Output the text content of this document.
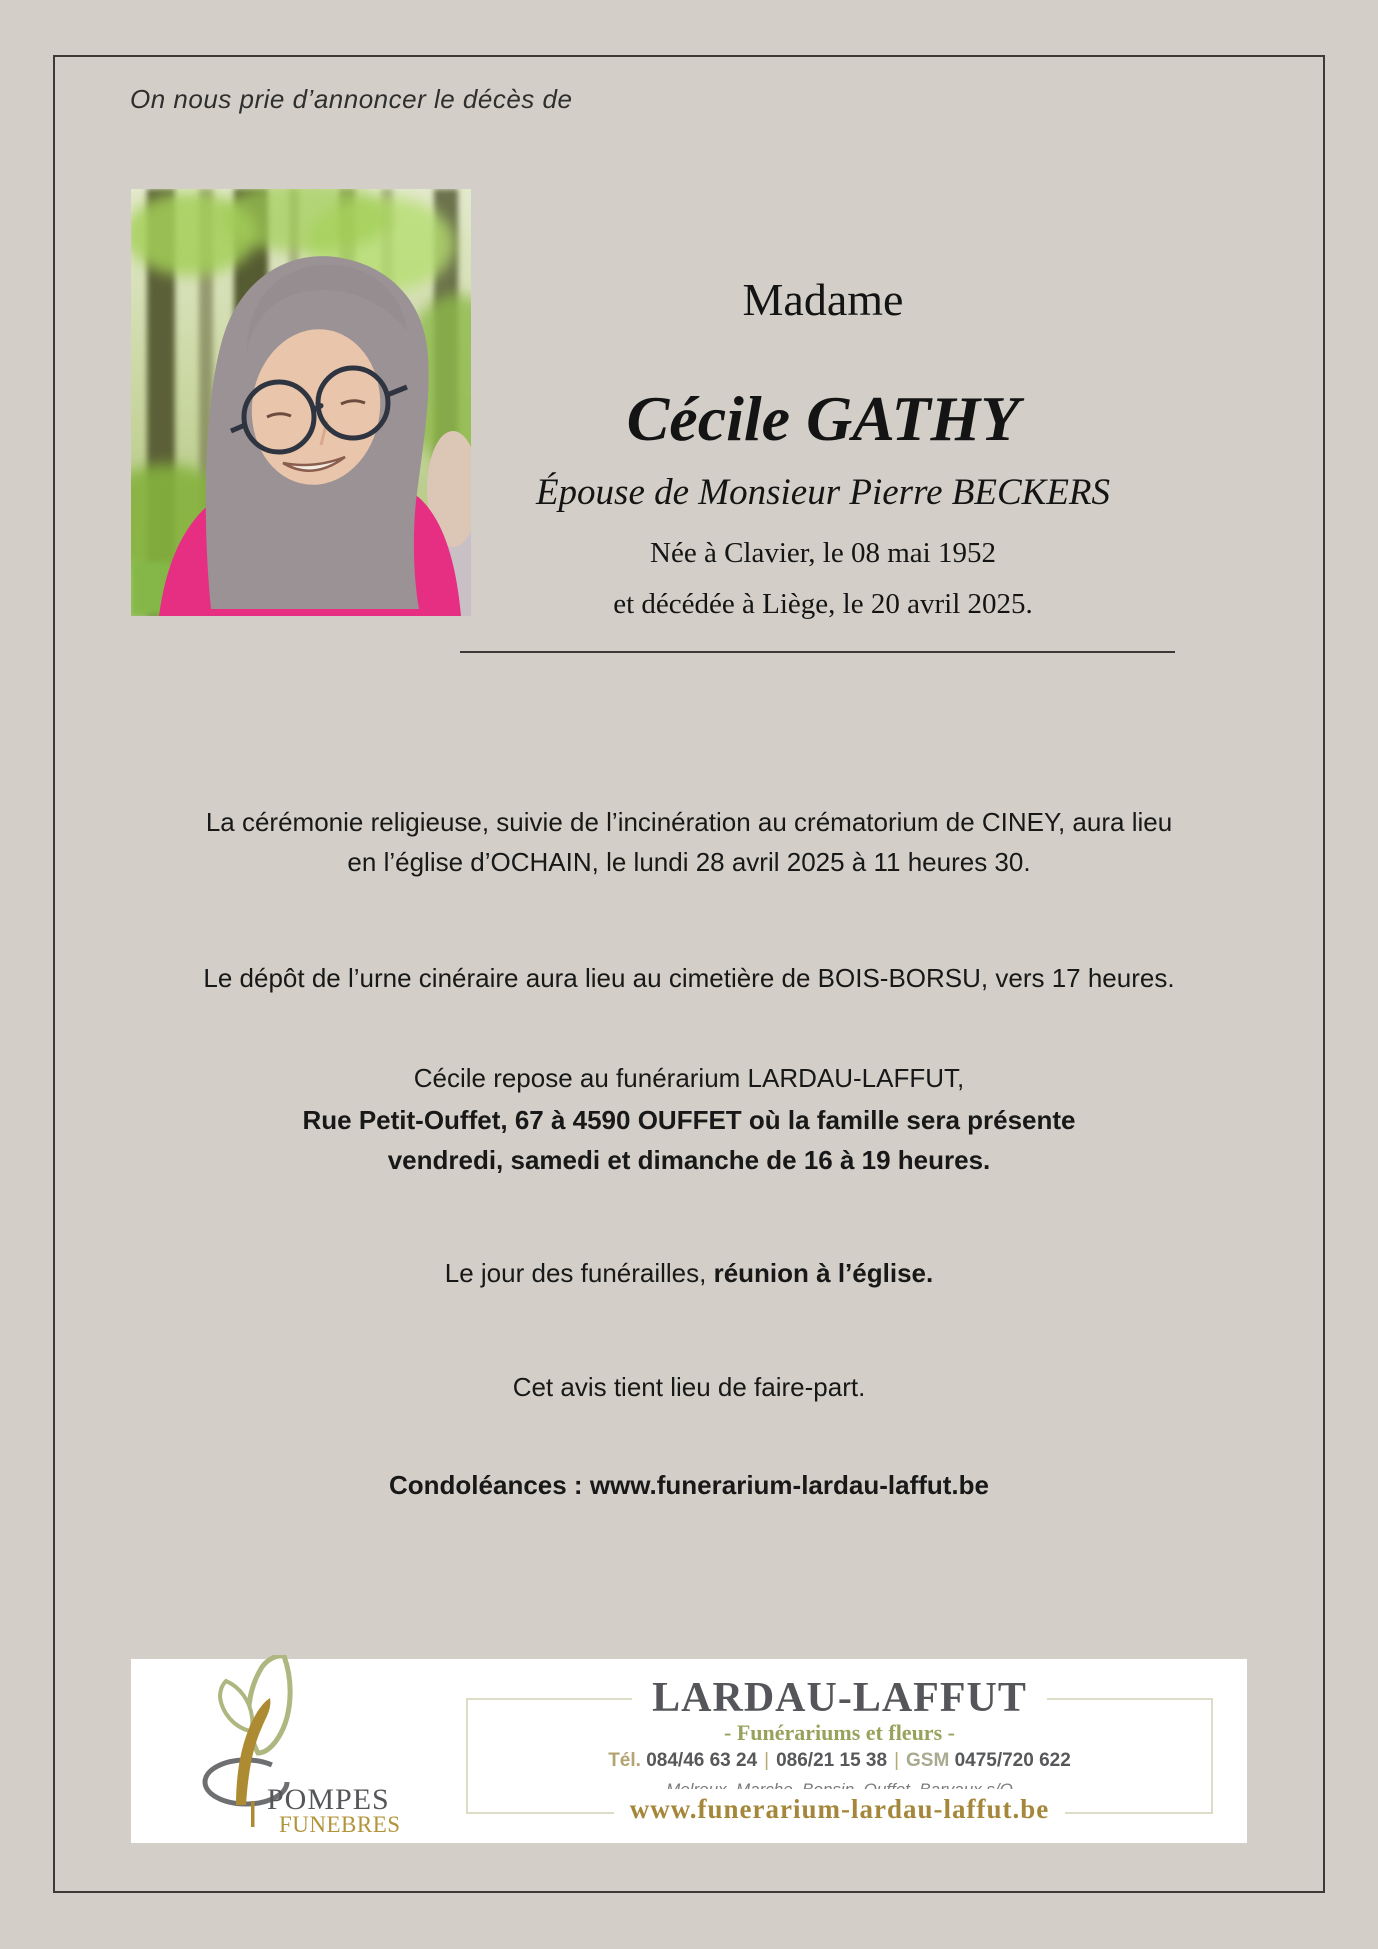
On nous prie d’annoncer le décès de
Madame
Cécile GATHY
Épouse de Monsieur Pierre BECKERS
Née à Clavier, le 08 mai 1952
et décédée à Liège, le 20 avril 2025.
La cérémonie religieuse, suivie de l’incinération au crématorium de CINEY, aura lieu
en l’église d’OCHAIN, le lundi 28 avril 2025 à 11 heures 30.
Le dépôt de l’urne cinéraire aura lieu au cimetière de BOIS-BORSU, vers 17 heures.
Cécile repose au funérarium LARDAU-LAFFUT,
Rue Petit-Ouffet, 67 à 4590 OUFFET où la famille sera présente
vendredi, samedi et dimanche de 16 à 19 heures.
Le jour des funérailles, réunion à l’église.
Cet avis tient lieu de faire-part.
Condoléances : www.funerarium-lardau-laffut.be
POMPES
FUNEBRES
LARDAU-LAFFUT
- Funérariums et fleurs -
Tél. 084/46 63 24 | 086/21 15 38 | GSM 0475/720 622
www.funerarium-lardau-laffut.be
